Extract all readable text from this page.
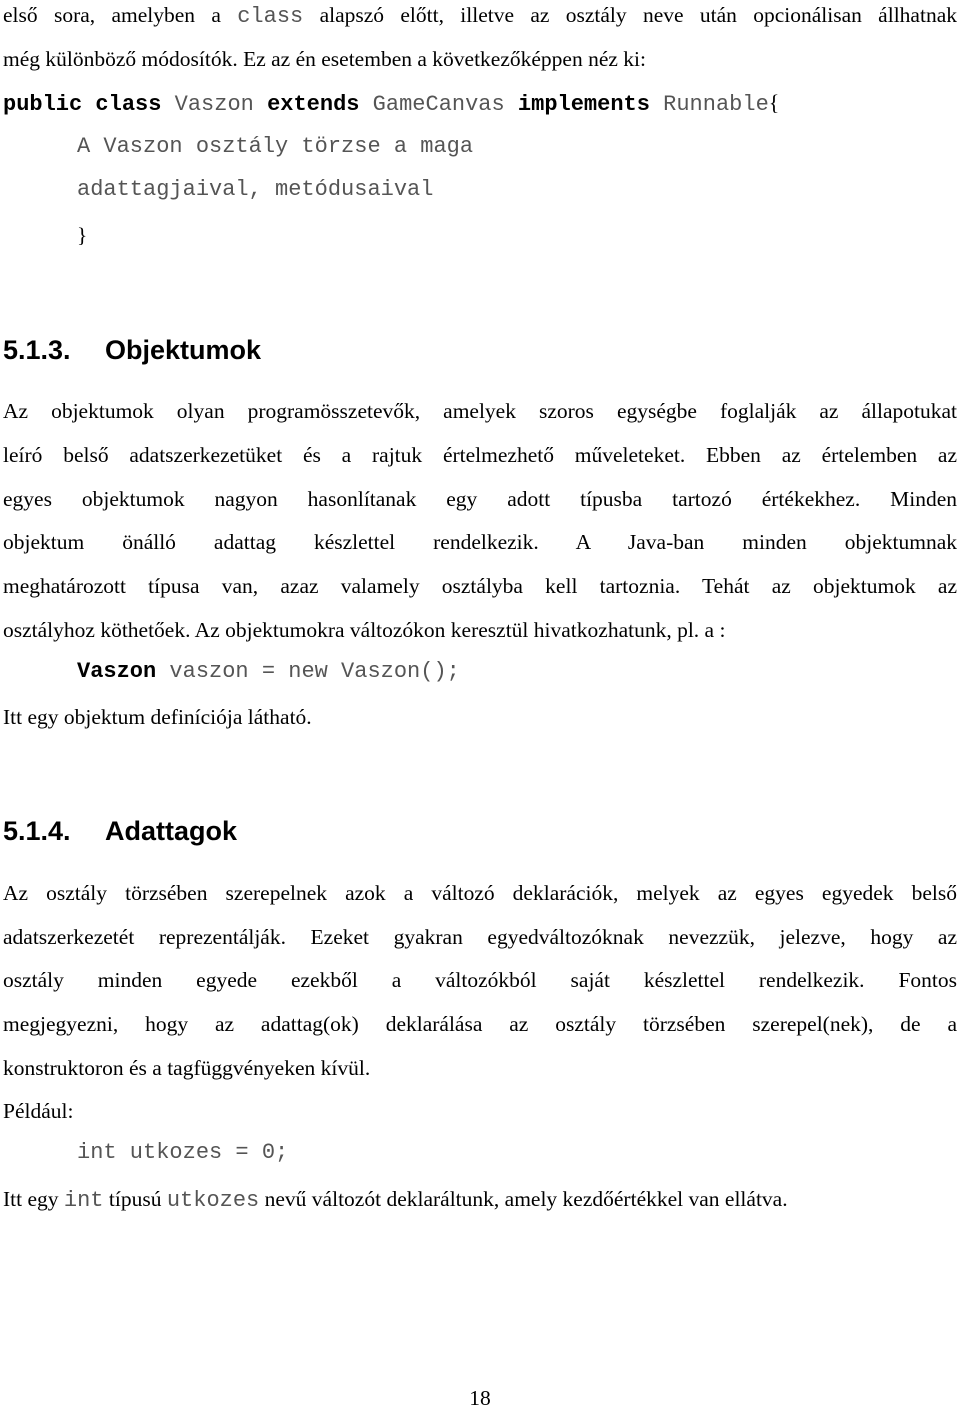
első sora, amelyben a class alapszó előtt, illetve az osztály neve után opcionálisan állhatnak
még különböző módosítók. Ez az én esetemben a következőképpen néz ki:
public class Vaszon extends GameCanvas implements Runnable{
A Vaszon osztály törzse a maga
adattagjaival, metódusaival
}
5.1.3. Objektumok
Az objektumok olyan programösszetevők, amelyek szoros egységbe foglalják az állapotukat
leíró belső adatszerkezetüket és a rajtuk értelmezhető műveleteket. Ebben az értelemben az
egyes objektumok nagyon hasonlítanak egy adott típusba tartozó értékekhez. Minden
objektum önálló adattag készlettel rendelkezik. A Java-ban minden objektumnak
meghatározott típusa van, azaz valamely osztályba kell tartoznia. Tehát az objektumok az
osztályhoz köthetőek. Az objektumokra változókon keresztül hivatkozhatunk, pl. a :
Vaszon vaszon = new Vaszon();
Itt egy objektum definíciója látható.
5.1.4. Adattagok
Az osztály törzsében szerepelnek azok a változó deklarációk, melyek az egyes egyedek belső
adatszerkezetét reprezentálják. Ezeket gyakran egyedváltozóknak nevezzük, jelezve, hogy az
osztály minden egyede ezekből a változókból saját készlettel rendelkezik. Fontos
megjegyezni, hogy az adattag(ok) deklarálása az osztály törzsében szerepel(nek), de a
konstruktoron és a tagfüggvényeken kívül.
Például:
int utkozes = 0;
Itt egy int típusú utkozes nevű változót deklaráltunk, amely kezdőértékkel van ellátva.
18
